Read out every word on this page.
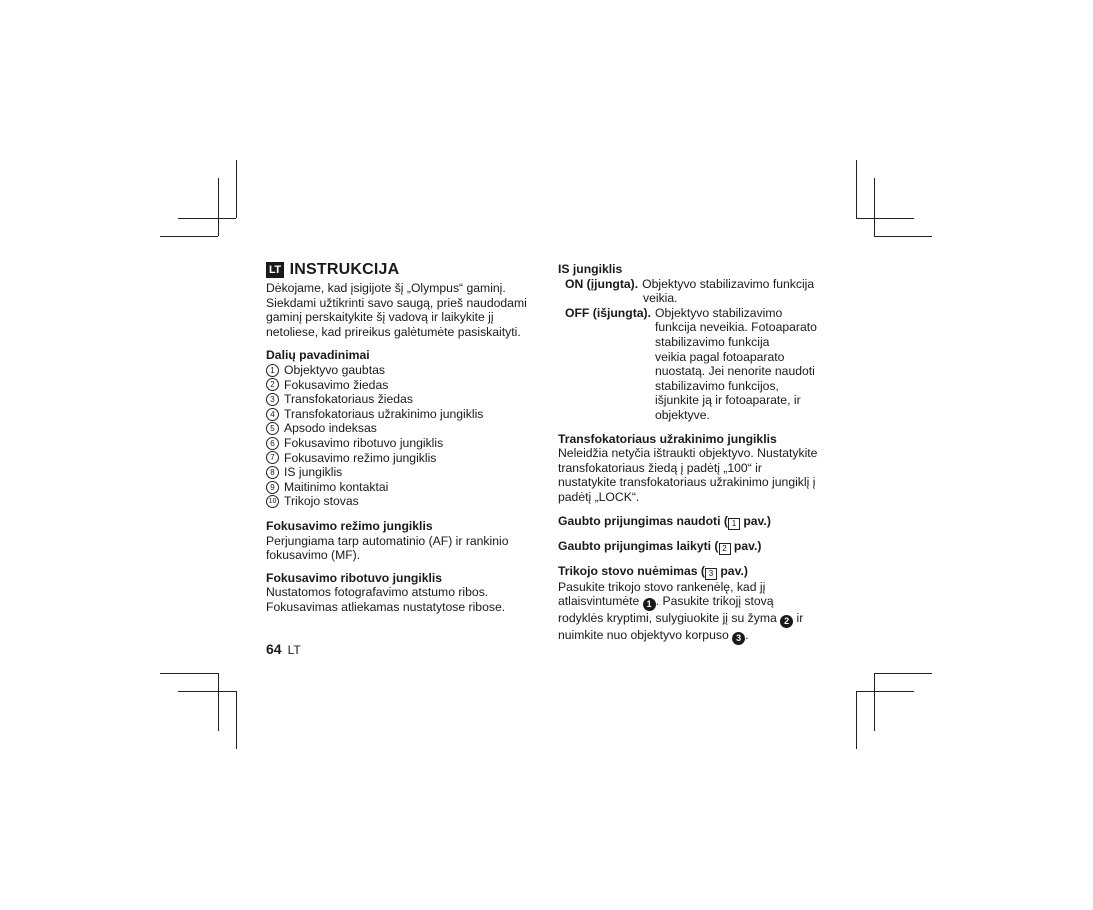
LT INSTRUKCIJA

Dėkojame, kad įsigijote šį „Olympus“ gaminį.

Siekdami užtikrinti savo saugą, prieš naudodami

gaminį perskaitykite šį vadovą ir laikykite jį

netoliese, kad prireikus galėtumėte pasiskaityti.

Dalių pavadinimai

1 Objektyvo gaubtas
2 Fokusavimo žiedas
3 Transfokatoriaus žiedas
4 Transfokatoriaus užrakinimo jungiklis
5 Apsodo indeksas
6 Fokusavimo ribotuvo jungiklis
7 Fokusavimo režimo jungiklis
8 IS jungiklis
9 Maitinimo kontaktai
10 Trikojo stovas

Fokusavimo režimo jungiklis

Perjungiama tarp automatinio (AF) ir rankinio

fokusavimo (MF).

Fokusavimo ribotuvo jungiklis

Nustatomos fotografavimo atstumo ribos.

Fokusavimas atliekamas nustatytose ribose.

64 LT

IS jungiklis

ON (įjungta). Objektyvo stabilizavimo funkcija

veikia.

OFF (išjungta). Objektyvo stabilizavimo
funkcija neveikia. Fotoaparato
stabilizavimo funkcija
veikia pagal fotoaparato
nuostatą. Jei nenorite naudoti
stabilizavimo funkcijos,
išjunkite ją ir fotoaparate, ir
objektyve.

Transfokatoriaus užrakinimo jungiklis

Neleidžia netyčia ištraukti objektyvo. Nustatykite

transfokatoriaus žiedą į padėtį „100“ ir

nustatykite transfokatoriaus užrakinimo jungiklį į

padėtį „LOCK“.

Gaubto prijungimas naudoti ( 1 pav.)

Gaubto prijungimas laikyti ( 2 pav.)

Trikojo stovo nuėmimas ( 3 pav.)

Pasukite trikojo stovo rankenėlę, kad jį

atlaisvintumėte 1 . Pasukite trikojį stovą

rodyklės kryptimi, sulygiuokite jį su žyma 2 ir

nuimkite nuo objektyvo korpuso 3 .
